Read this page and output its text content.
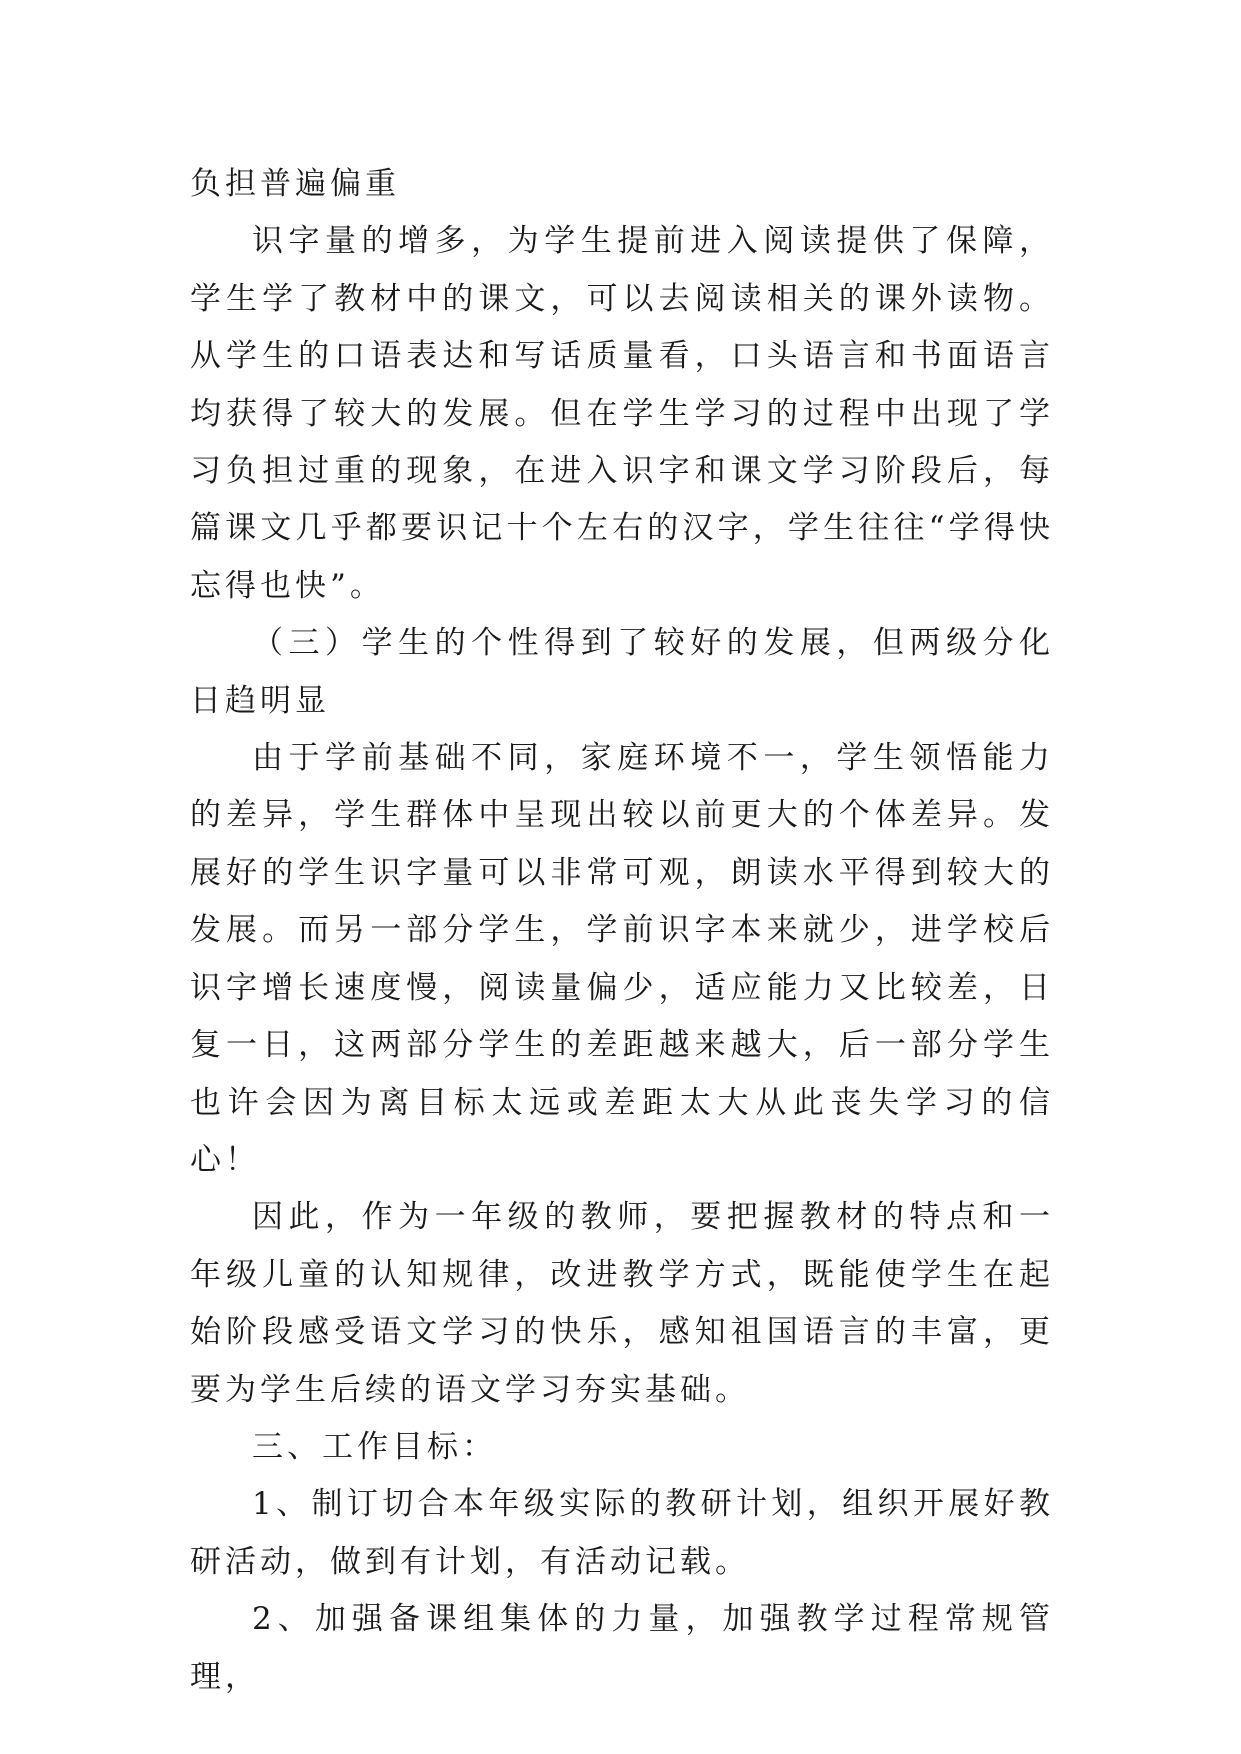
负担普遍偏重

识字量的增多，为学生提前进入阅读提供了保障，学生学了教材中的课文，可以去阅读相关的课外读物。从学生的口语表达和写话质量看，口头语言和书面语言均获得了较大的发展。但在学生学习的过程中出现了学习负担过重的现象，在进入识字和课文学习阶段后，每篇课文几乎都要识记十个左右的汉字，学生往往“学得快忘得也快”。

（三）学生的个性得到了较好的发展，但两级分化日趋明显

由于学前基础不同，家庭环境不一，学生领悟能力的差异，学生群体中呈现出较以前更大的个体差异。发展好的学生识字量可以非常可观，朗读水平得到较大的发展。而另一部分学生，学前识字本来就少，进学校后识字增长速度慢，阅读量偏少，适应能力又比较差，日复一日，这两部分学生的差距越来越大，后一部分学生也许会因为离目标太远或差距太大从此丧失学习的信心！

因此，作为一年级的教师，要把握教材的特点和一年级儿童的认知规律，改进教学方式，既能使学生在起始阶段感受语文学习的快乐，感知祖国语言的丰富，更要为学生后续的语文学习夯实基础。

三、工作目标：

1、制订切合本年级实际的教研计划，组织开展好教研活动，做到有计划，有活动记载。

2、加强备课组集体的力量，加强教学过程常规管理，
